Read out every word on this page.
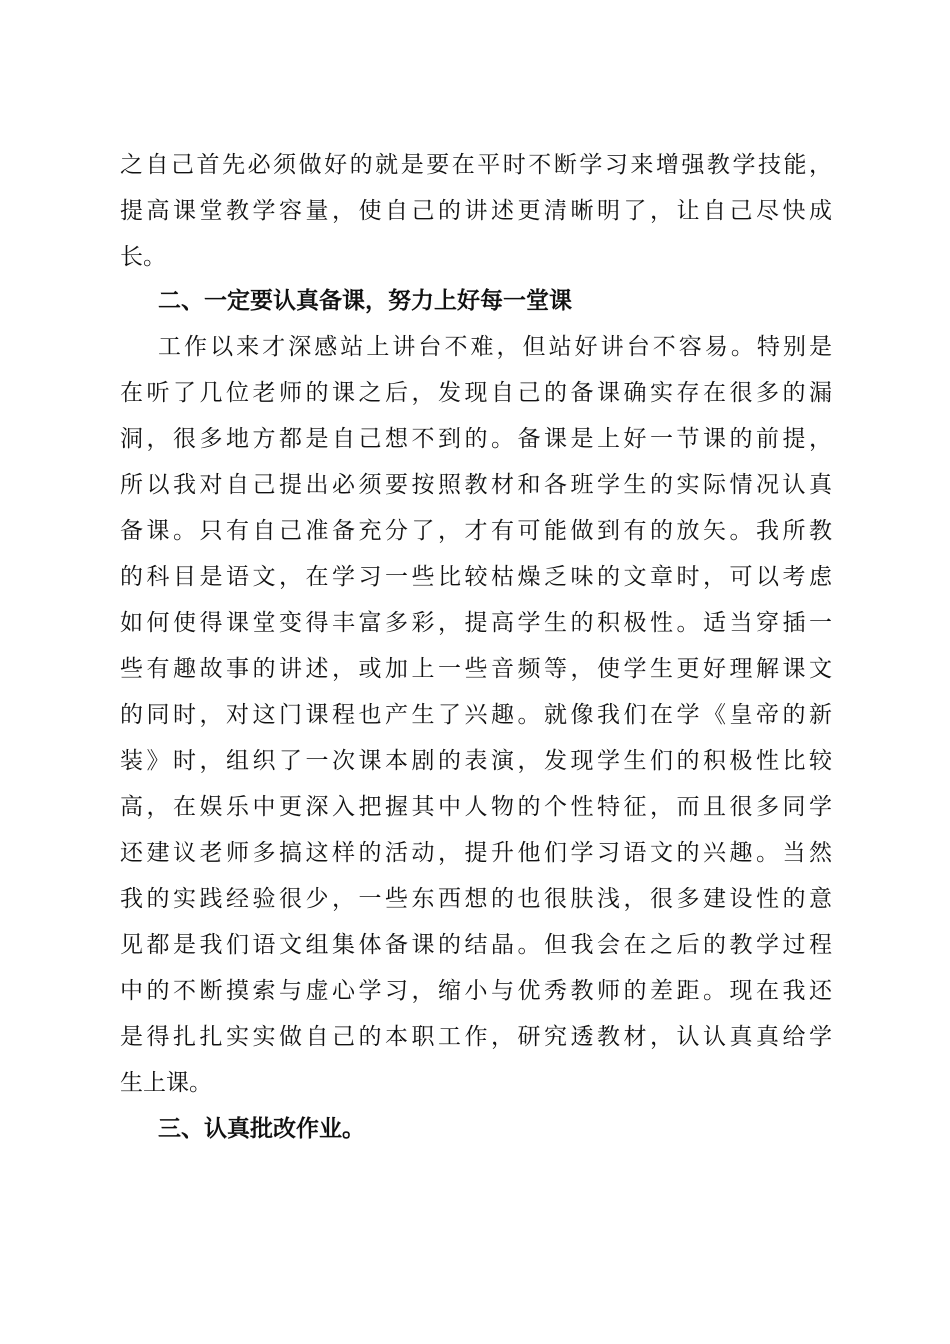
之自己首先必须做好的就是要在平时不断学习来增强教学技能，
提高课堂教学容量，使自己的讲述更清晰明了，让自己尽快成
长。
二、一定要认真备课，努力上好每一堂课
工作以来才深感站上讲台不难，但站好讲台不容易。特别是
在听了几位老师的课之后，发现自己的备课确实存在很多的漏
洞，很多地方都是自己想不到的。备课是上好一节课的前提，
所以我对自己提出必须要按照教材和各班学生的实际情况认真
备课。只有自己准备充分了，才有可能做到有的放矢。我所教
的科目是语文，在学习一些比较枯燥乏味的文章时，可以考虑
如何使得课堂变得丰富多彩，提高学生的积极性。适当穿插一
些有趣故事的讲述，或加上一些音频等，使学生更好理解课文
的同时，对这门课程也产生了兴趣。就像我们在学《皇帝的新
装》时，组织了一次课本剧的表演，发现学生们的积极性比较
高，在娱乐中更深入把握其中人物的个性特征，而且很多同学
还建议老师多搞这样的活动，提升他们学习语文的兴趣。当然
我的实践经验很少，一些东西想的也很肤浅，很多建设性的意
见都是我们语文组集体备课的结晶。但我会在之后的教学过程
中的不断摸索与虚心学习，缩小与优秀教师的差距。现在我还
是得扎扎实实做自己的本职工作，研究透教材，认认真真给学
生上课。
三、认真批改作业。
